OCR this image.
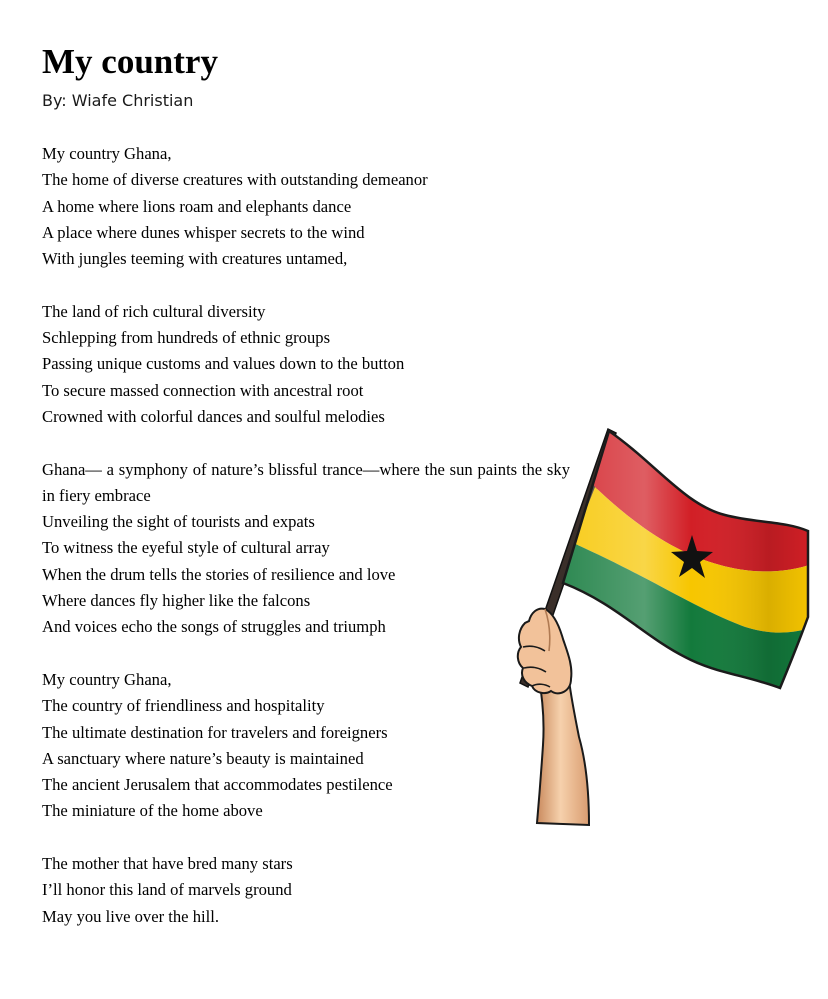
My country
By: Wiafe Christian
My country Ghana,
The home of diverse creatures with outstanding demeanor
A home where lions roam and elephants dance
A place where dunes whisper secrets to the wind
With jungles teeming with creatures untamed,
The land of rich cultural diversity
Schlepping from hundreds of ethnic groups
Passing unique customs and values down to the button
To secure massed connection with ancestral root
Crowned with colorful dances and soulful melodies
Ghana— a symphony of nature’s blissful trance—where the sun paints the sky in fiery embrace
Unveiling the sight of tourists and expats
To witness the eyeful style of cultural array
When the drum tells the stories of resilience and love
Where dances fly higher like the falcons
And voices echo the songs of struggles and triumph
My country Ghana,
The country of friendliness and hospitality
The ultimate destination for travelers and foreigners
A sanctuary where nature’s beauty is maintained
The ancient Jerusalem that accommodates pestilence
The miniature of the home above
The mother that have bred many stars
I’ll honor this land of marvels ground
May you live over the hill.
